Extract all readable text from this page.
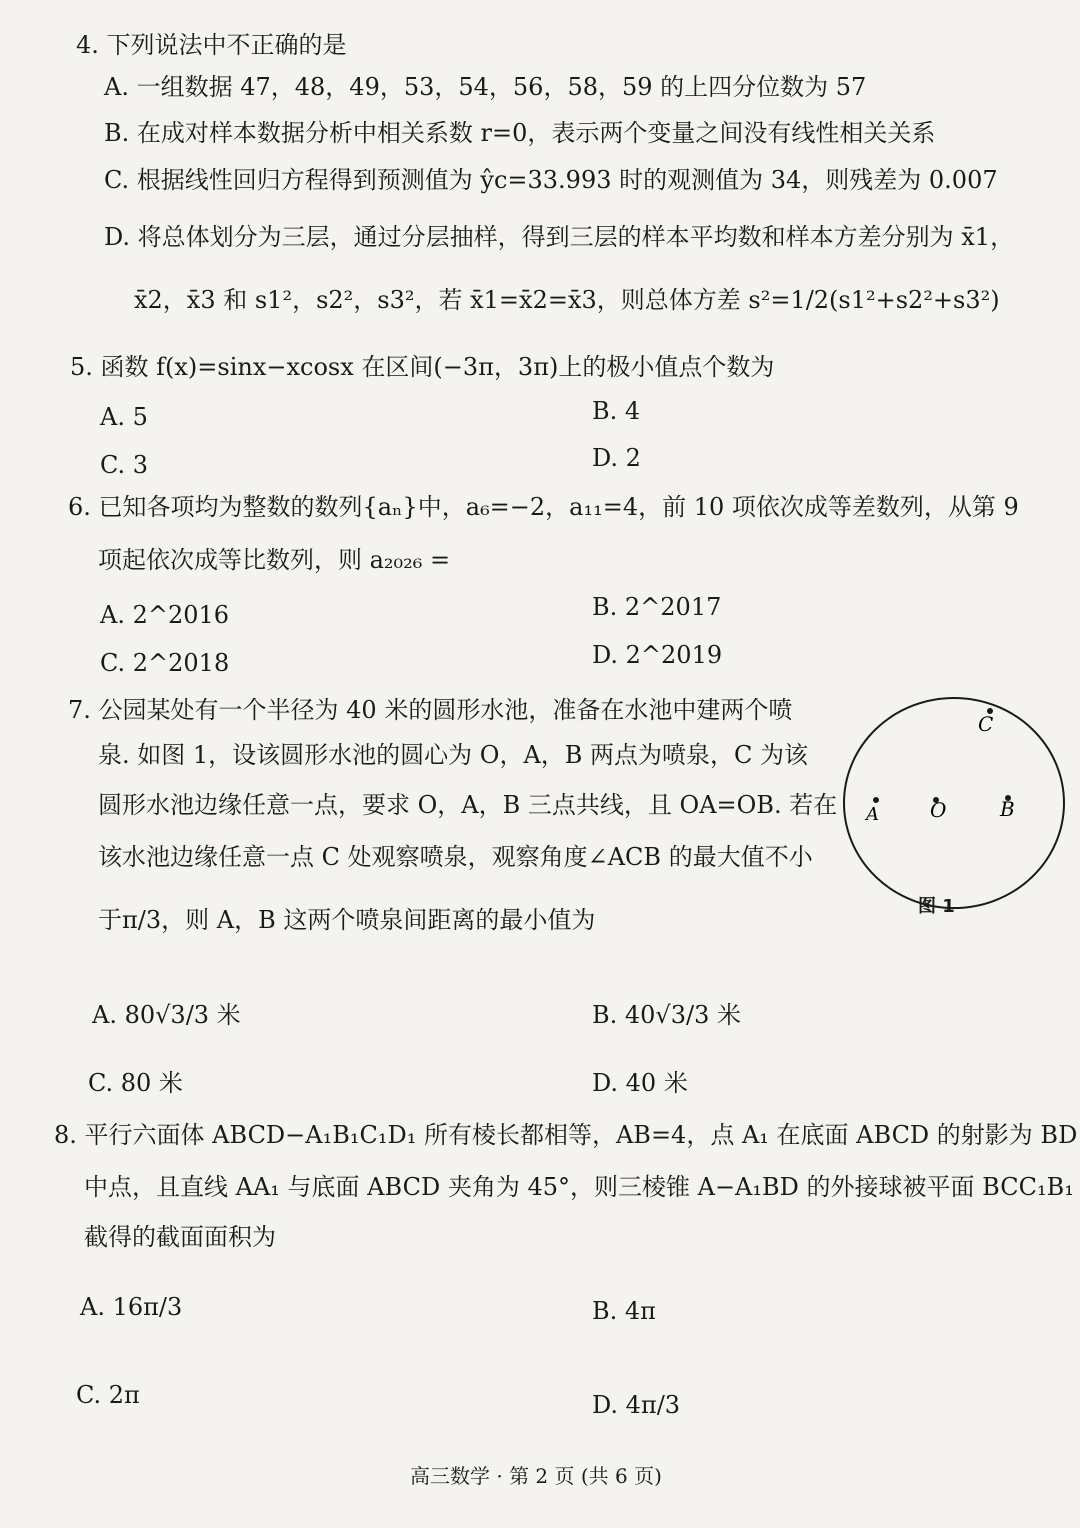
4. 下列说法中不正确的是
A. 一组数据 47，48，49，53，54，56，58，59 的上四分位数为 57
B. 在成对样本数据分析中相关系数 r=0，表示两个变量之间没有线性相关关系
C. 根据线性回归方程得到预测值为 ŷc=33.993 时的观测值为 34，则残差为 0.007
D. 将总体划分为三层，通过分层抽样，得到三层的样本平均数和样本方差分别为 x̄1，
x̄2，x̄3 和 s1²，s2²，s3²，若 x̄1=x̄2=x̄3，则总体方差 s²=1/2(s1²+s2²+s3²)
5. 函数 f(x)=sinx−xcosx 在区间(−3π，3π)上的极小值点个数为
A. 5	B. 4
C. 3	D. 2
6. 已知各项均为整数的数列{aₙ}中，a₆=−2，a₁₁=4，前 10 项依次成等差数列，从第 9
项起依次成等比数列，则 a₂₀₂₆ =
A. 2^2016	B. 2^2017
C. 2^2018	D. 2^2019
7. 公园某处有一个半径为 40 米的圆形水池，准备在水池中建两个喷
泉. 如图 1，设该圆形水池的圆心为 O，A，B 两点为喷泉，C 为该
圆形水池边缘任意一点，要求 O，A，B 三点共线，且 OA=OB. 若在
该水池边缘任意一点 C 处观察喷泉，观察角度∠ACB 的最大值不小
于π/3，则 A，B 这两个喷泉间距离的最小值为
A. 80√3/3 米	B. 40√3/3 米
C. 80 米	D. 40 米
A	O	B
C
图 1
8. 平行六面体 ABCD−A₁B₁C₁D₁ 所有棱长都相等，AB=4，点 A₁ 在底面 ABCD 的射影为 BD
中点，且直线 AA₁ 与底面 ABCD 夹角为 45°，则三棱锥 A−A₁BD 的外接球被平面 BCC₁B₁
截得的截面面积为
A. 16π/3	B. 4π
C. 2π	D. 4π/3
高三数学 · 第 2 页 (共 6 页)
